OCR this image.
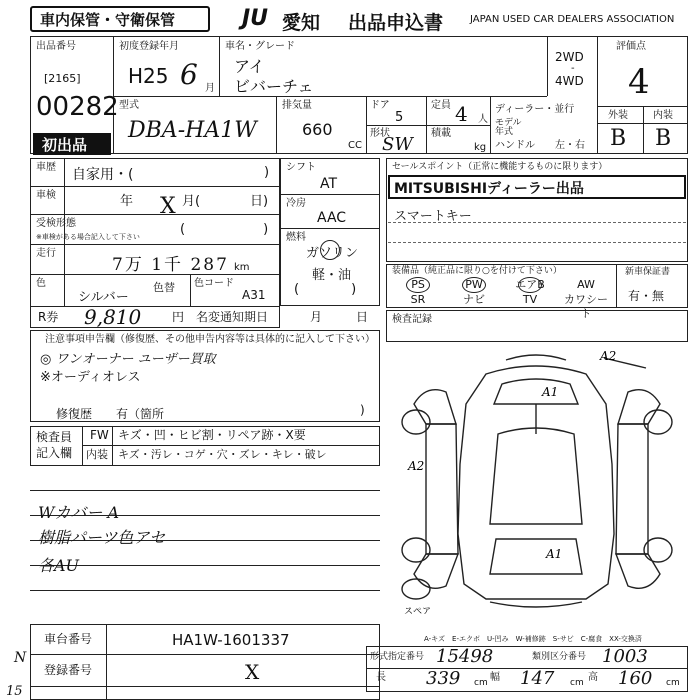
車内保管・守衛保管	JU 愛知 出品申込書	JAPAN USED CAR DEALERS ASSOCIATION
出品番号
[2165]
00282
初出品
初度登録年月
H25 6 月
車名・グレード
アイ
ビバーチェ
2WD
-
4WD
評価点
4
外装	内装
B B
型式
DBA-HA1W
排気量
660
CC
ドア
5
形状
SW
定員 4 人
積載
kg
ディーラー・並行
モデル
年式
ハンドル 左・右
車歴 自家用・(	)
車検	年 X 月(	日)
受検形態
※車検がある場合記入して下さい	(　　　　　　)
走行
7万 1千 287 km
色
シルバー
色替 色コード
A31
R券 9,810	円 名変通知期日	月	日
シフト
AT
冷房
AAC
燃料
ガソリン
軽・油
(　　　　)
セールスポイント（正常に機能するものに限ります）
MITSUBISHIディーラー出品
スマートキー
装備品（純正品に限り○を付けて下さい）	新車保証書
有・無
PS	PW	エアB	AW
SR	ナビ	TV	カワシート
検査記録
注意事項申告欄（修復歴、その他申告内容等は具体的に記入して下さい）
◎ ワンオーナー ユーザー買取
※オーディオレス
修復歴　　有（箇所	)
検査員
記入欄
FW キズ・凹・ヒビ割・リペア跡・X要
内装 キズ・汚レ・コゲ・穴・ズレ・キレ・破レ
Wカバー A
樹脂パーツ色アセ
各AU
A2
A1
A2
A1
スペア
A-キズ　E-エクボ　U-凹み　W-補修跡　S-サビ　C-腐食　XX-交換済
車台番号	HA1W-1601337
登録番号	X
N
15
形式指定番号 15498	類別区分番号 1003
長 339 cm 幅 147 cm 高 160 cm
